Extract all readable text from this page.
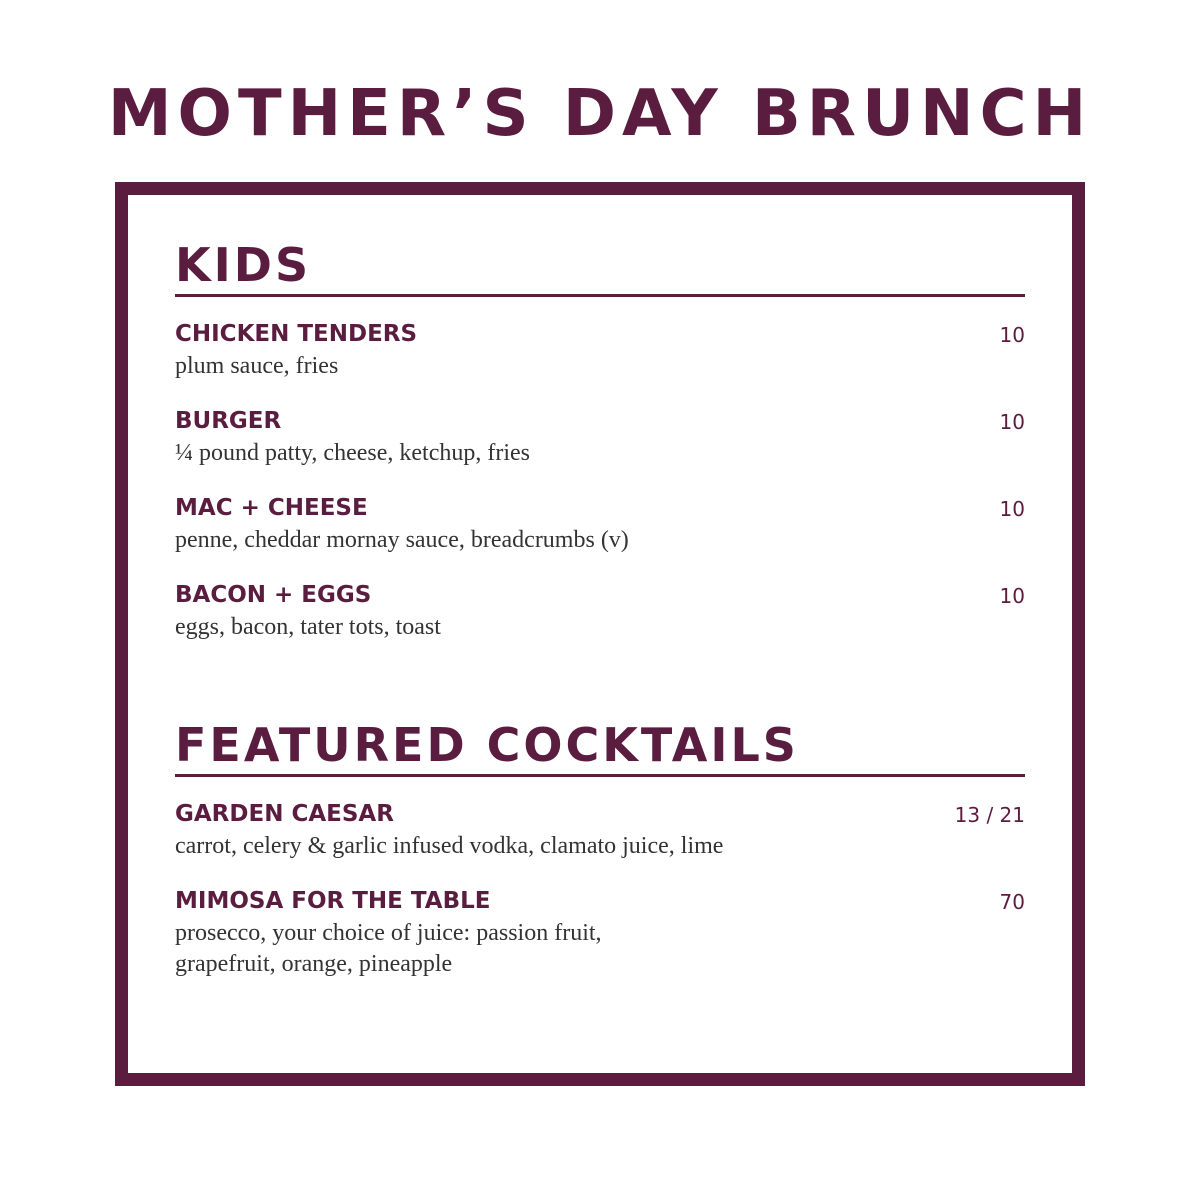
MOTHER’S DAY BRUNCH
KIDS
CHICKEN TENDERS	10
plum sauce, fries
BURGER	10
¼ pound patty, cheese, ketchup, fries
MAC + CHEESE	10
penne, cheddar mornay sauce, breadcrumbs (v)
BACON + EGGS	10
eggs, bacon, tater tots, toast
FEATURED COCKTAILS
GARDEN CAESAR	13 / 21
carrot, celery & garlic infused vodka, clamato juice, lime
MIMOSA FOR THE TABLE	70
prosecco, your choice of juice: passion fruit, grapefruit, orange, pineapple
